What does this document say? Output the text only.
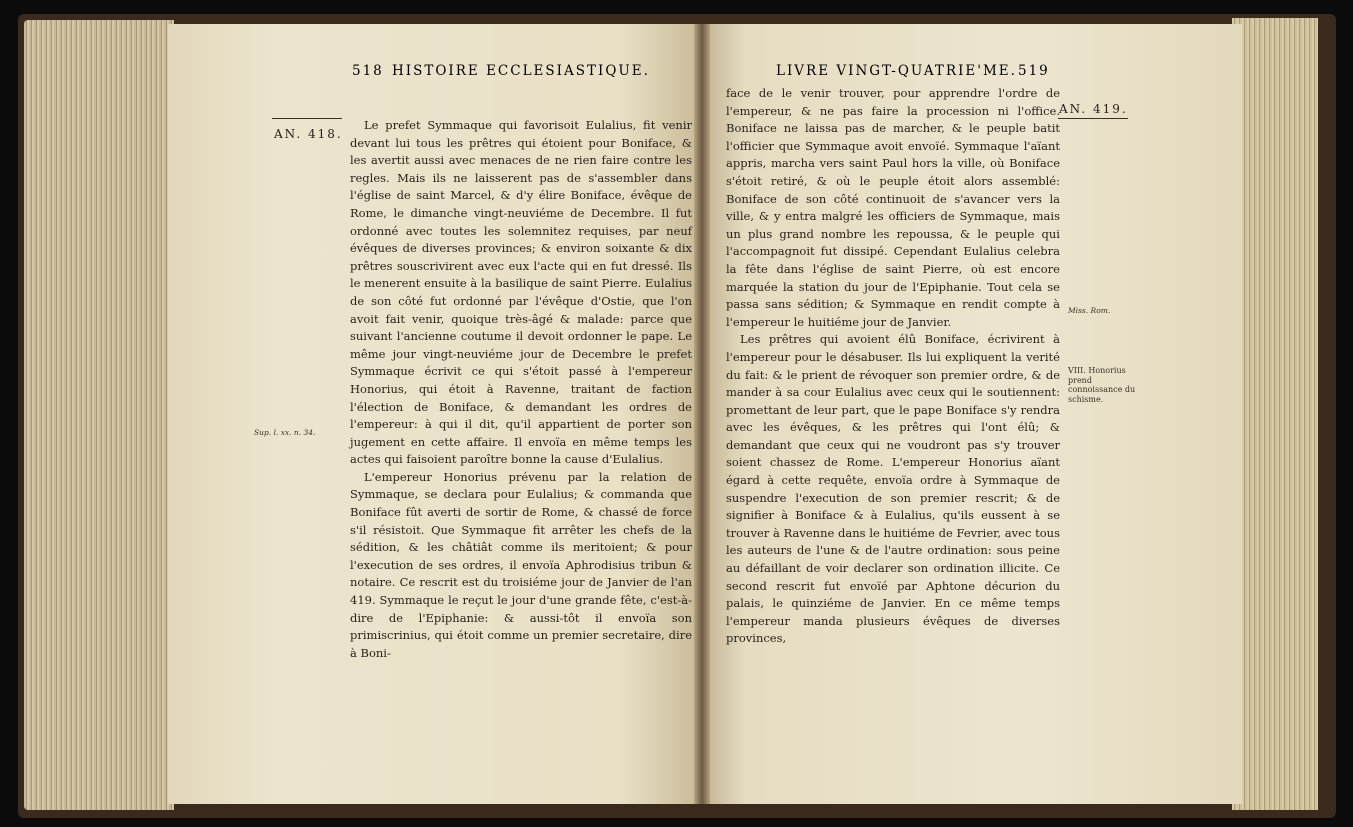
518 HISTOIRE ECCLESIASTIQUE.
AN. 418.
Sup. l. xx. n. 34.

Le prefet Symmaque qui favorisoit Eulalius, fit venir devant lui tous les prêtres qui étoient pour Boniface, & les avertit aussi avec menaces de ne rien faire contre les regles. Mais ils ne laisserent pas de s'assembler dans l'église de saint Marcel, & d'y élire Boniface, évêque de Rome, le dimanche vingt-neuviéme de Decembre. Il fut ordonné avec toutes les solemnitez requises, par neuf évêques de diverses provinces; & environ soixante & dix prêtres souscrivirent avec eux l'acte qui en fut dressé. Ils le menerent ensuite à la basilique de saint Pierre. Eulalius de son côté fut ordonné par l'évêque d'Ostie, que l'on avoit fait venir, quoique très-âgé & malade: parce que suivant l'ancienne coutume il devoit ordonner le pape. Le même jour vingt-neuviéme jour de Decembre le prefet Symmaque écrivit ce qui s'étoit passé à l'empereur Honorius, qui étoit à Ravenne, traitant de faction l'élection de Boniface, & demandant les ordres de l'empereur: à qui il dit, qu'il appartient de porter son jugement en cette affaire. Il envoïa en même temps les actes qui faisoient paroître bonne la cause d'Eulalius.

L'empereur Honorius prévenu par la relation de Symmaque, se declara pour Eulalius; & commanda que Boniface fût averti de sortir de Rome, & chassé de force s'il résistoit. Que Symmaque fit arrêter les chefs de la sédition, & les châtiât comme ils meritoient; & pour l'execution de ses ordres, il envoïa Aphrodisius tribun & notaire. Ce rescrit est du troisiéme jour de Janvier de l'an 419. Symmaque le reçut le jour d'une grande fête, c'est-à-dire de l'Epiphanie: & aussi-tôt il envoïa son primiscrinius, qui étoit comme un premier secretaire, dire à Boni-

LIVRE VINGT-QUATRIE'ME. 519
AN. 419.
Miss. Rom.
VIII. Honorius prend connoissance du schisme.

face de le venir trouver, pour apprendre l'ordre de l'empereur, & ne pas faire la procession ni l'office. Boniface ne laissa pas de marcher, & le peuple batit l'officier que Symmaque avoit envoïé. Symmaque l'aïant appris, marcha vers saint Paul hors la ville, où Boniface s'étoit retiré, & où le peuple étoit alors assemblé: Boniface de son côté continuoit de s'avancer vers la ville, & y entra malgré les officiers de Symmaque, mais un plus grand nombre les repoussa, & le peuple qui l'accompagnoit fut dissipé. Cependant Eulalius celebra la fête dans l'église de saint Pierre, où est encore marquée la station du jour de l'Epiphanie. Tout cela se passa sans sédition; & Symmaque en rendit compte à l'empereur le huitiéme jour de Janvier.

Les prêtres qui avoient élû Boniface, écrivirent à l'empereur pour le désabuser. Ils lui expliquent la verité du fait: & le prient de révoquer son premier ordre, & de mander à sa cour Eulalius avec ceux qui le soutiennent: promettant de leur part, que le pape Boniface s'y rendra avec les évêques, & les prêtres qui l'ont élû; & demandant que ceux qui ne voudront pas s'y trouver soient chassez de Rome. L'empereur Honorius aïant égard à cette requête, envoïa ordre à Symmaque de suspendre l'execution de son premier rescrit; & de signifier à Boniface & à Eulalius, qu'ils eussent à se trouver à Ravenne dans le huitiéme de Fevrier, avec tous les auteurs de l'une & de l'autre ordination: sous peine au défaillant de voir declarer son ordination illicite. Ce second rescrit fut envoïé par Aphtone décurion du palais, le quinziéme de Janvier. En ce même temps l'empereur manda plusieurs évêques de diverses provinces,
